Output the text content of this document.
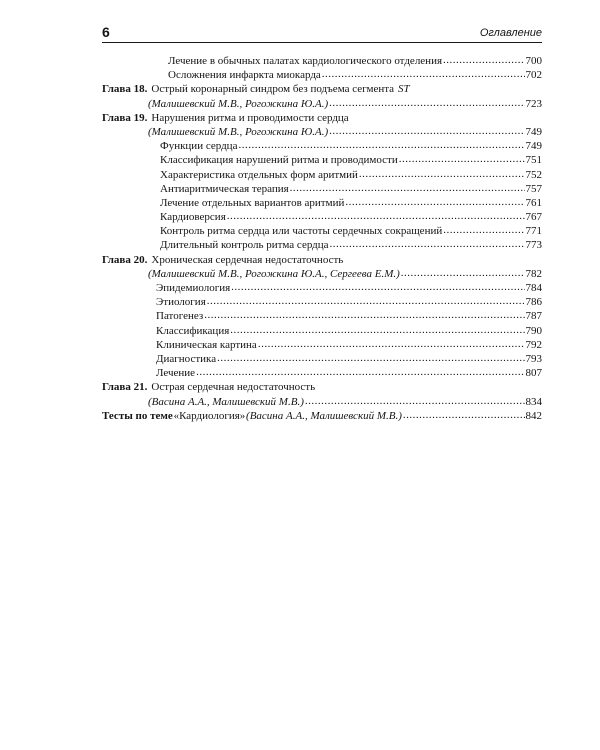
6	Оглавление
Лечение в обычных палатах кардиологического отделения .....	700
Осложнения инфаркта миокарда .....	702
Глава 18. Острый коронарный синдром без подъема сегмента ST
(Малишевский М.В., Рогожкина Ю.А.) .....	723
Глава 19. Нарушения ритма и проводимости сердца
(Малишевский М.В., Рогожкина Ю.А.) .....	749
Функции сердца .....	749
Классификация нарушений ритма и проводимости .....	751
Характеристика отдельных форм аритмий .....	752
Антиаритмическая терапия .....	757
Лечение отдельных вариантов аритмий .....	761
Кардиоверсия .....	767
Контроль ритма сердца или частоты сердечных сокращений .....	771
Длительный контроль ритма сердца .....	773
Глава 20. Хроническая сердечная недостаточность
(Малишевский М.В., Рогожкина Ю.А., Сергеева Е.М.) .....	782
Эпидемиология .....	784
Этиология .....	786
Патогенез .....	787
Классификация .....	790
Клиническая картина .....	792
Диагностика .....	793
Лечение .....	807
Глава 21. Острая сердечная недостаточность
(Васина А.А., Малишевский М.В.) .....	834
Тесты по теме «Кардиология» (Васина А.А., Малишевский М.В.) .....	842
